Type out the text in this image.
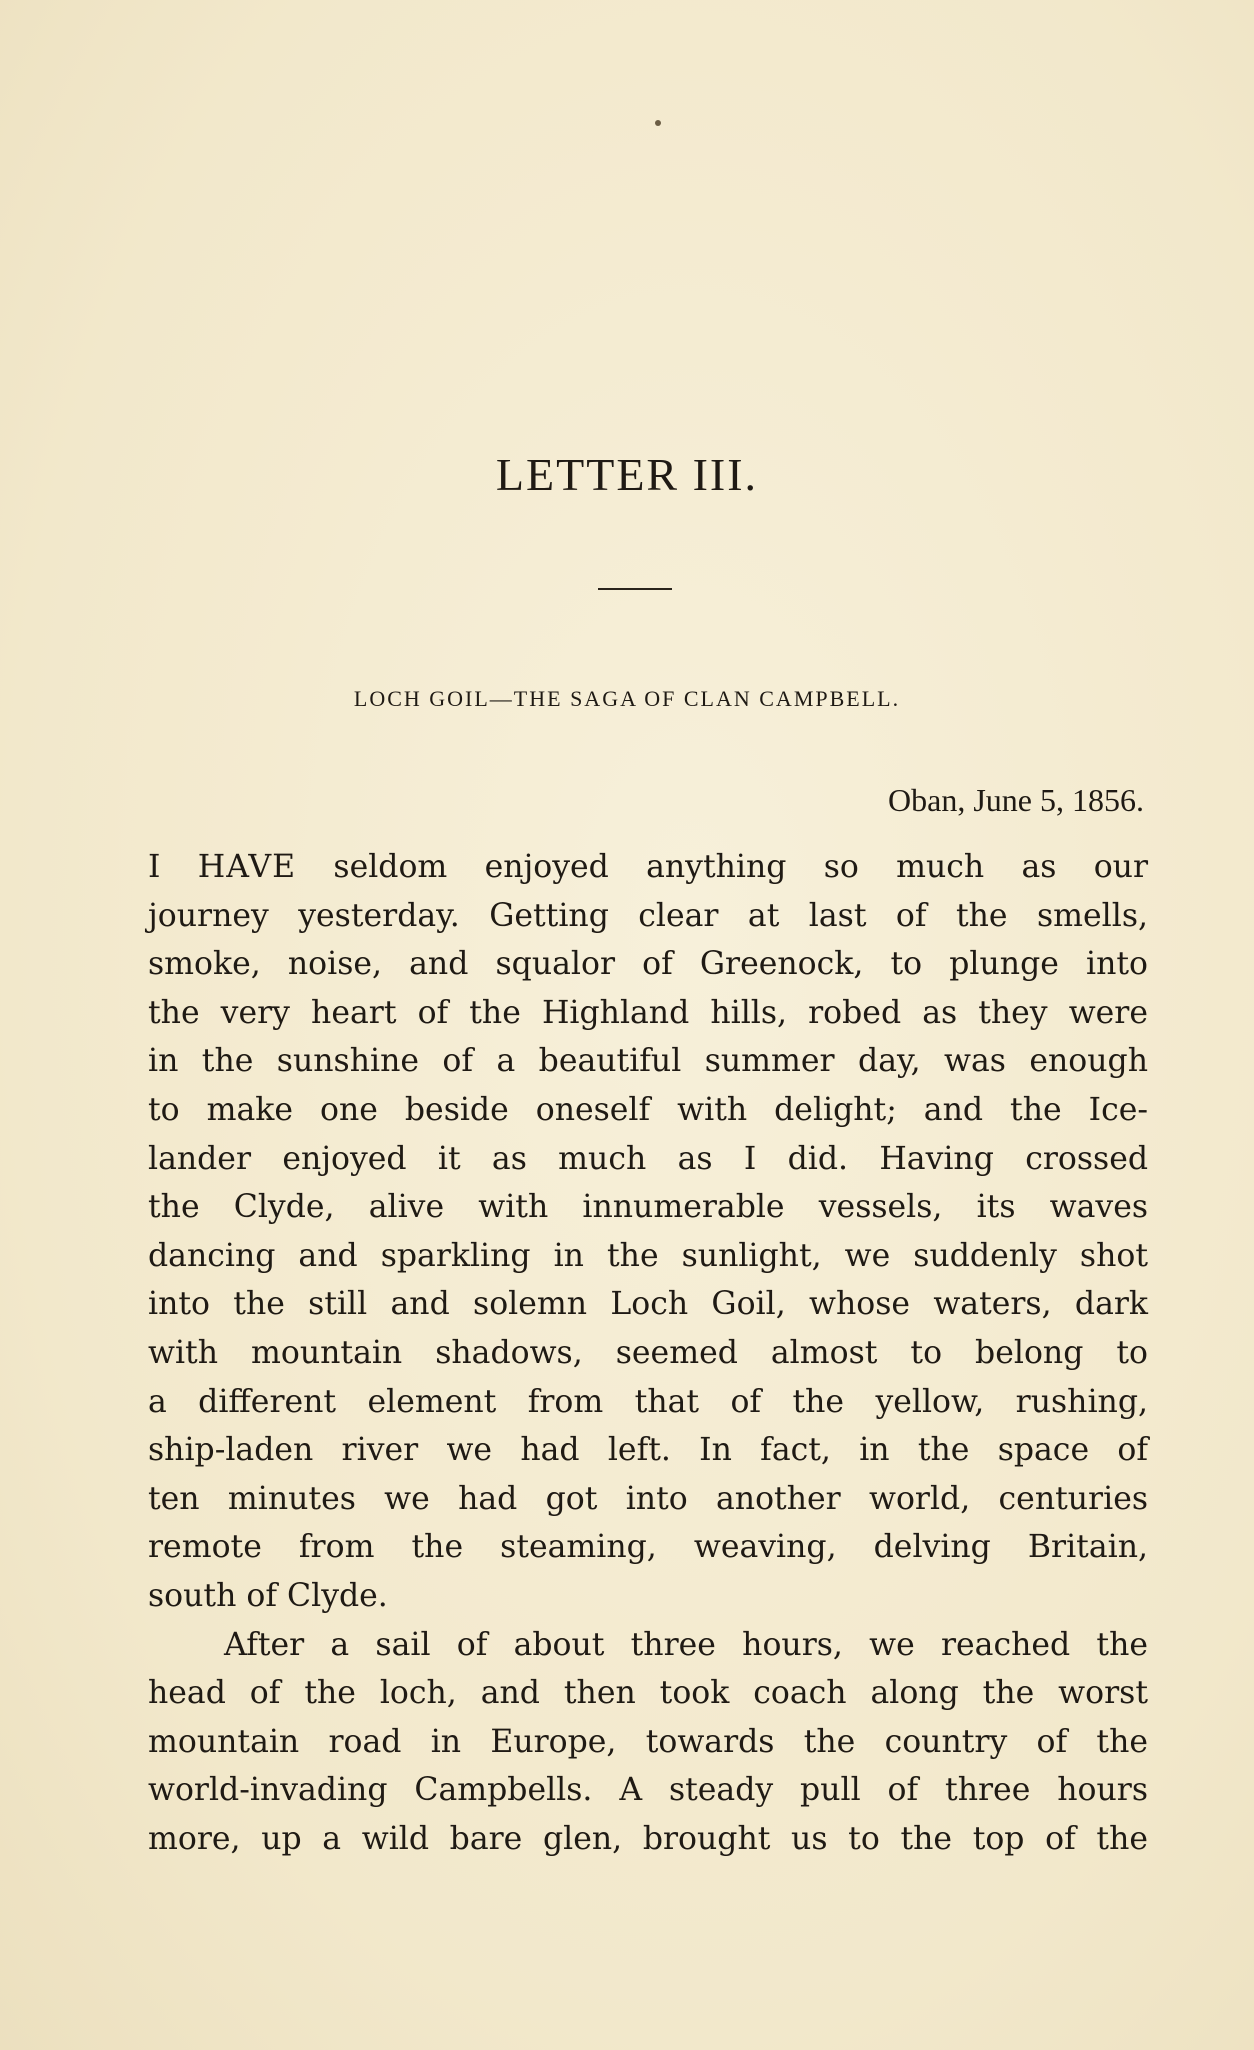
LETTER III.
LOCH GOIL—THE SAGA OF CLAN CAMPBELL.
Oban, June 5, 1856.
I HAVE seldom enjoyed anything so much as our
journey yesterday. Getting clear at last of the smells,
smoke, noise, and squalor of Greenock, to plunge into
the very heart of the Highland hills, robed as they were
in the sunshine of a beautiful summer day, was enough
to make one beside oneself with delight; and the Ice-
lander enjoyed it as much as I did. Having crossed
the Clyde, alive with innumerable vessels, its waves
dancing and sparkling in the sunlight, we suddenly shot
into the still and solemn Loch Goil, whose waters, dark
with mountain shadows, seemed almost to belong to
a different element from that of the yellow, rushing,
ship-laden river we had left. In fact, in the space of
ten minutes we had got into another world, centuries
remote from the steaming, weaving, delving Britain,
south of Clyde.
After a sail of about three hours, we reached the
head of the loch, and then took coach along the worst
mountain road in Europe, towards the country of the
world-invading Campbells. A steady pull of three hours
more, up a wild bare glen, brought us to the top of the
